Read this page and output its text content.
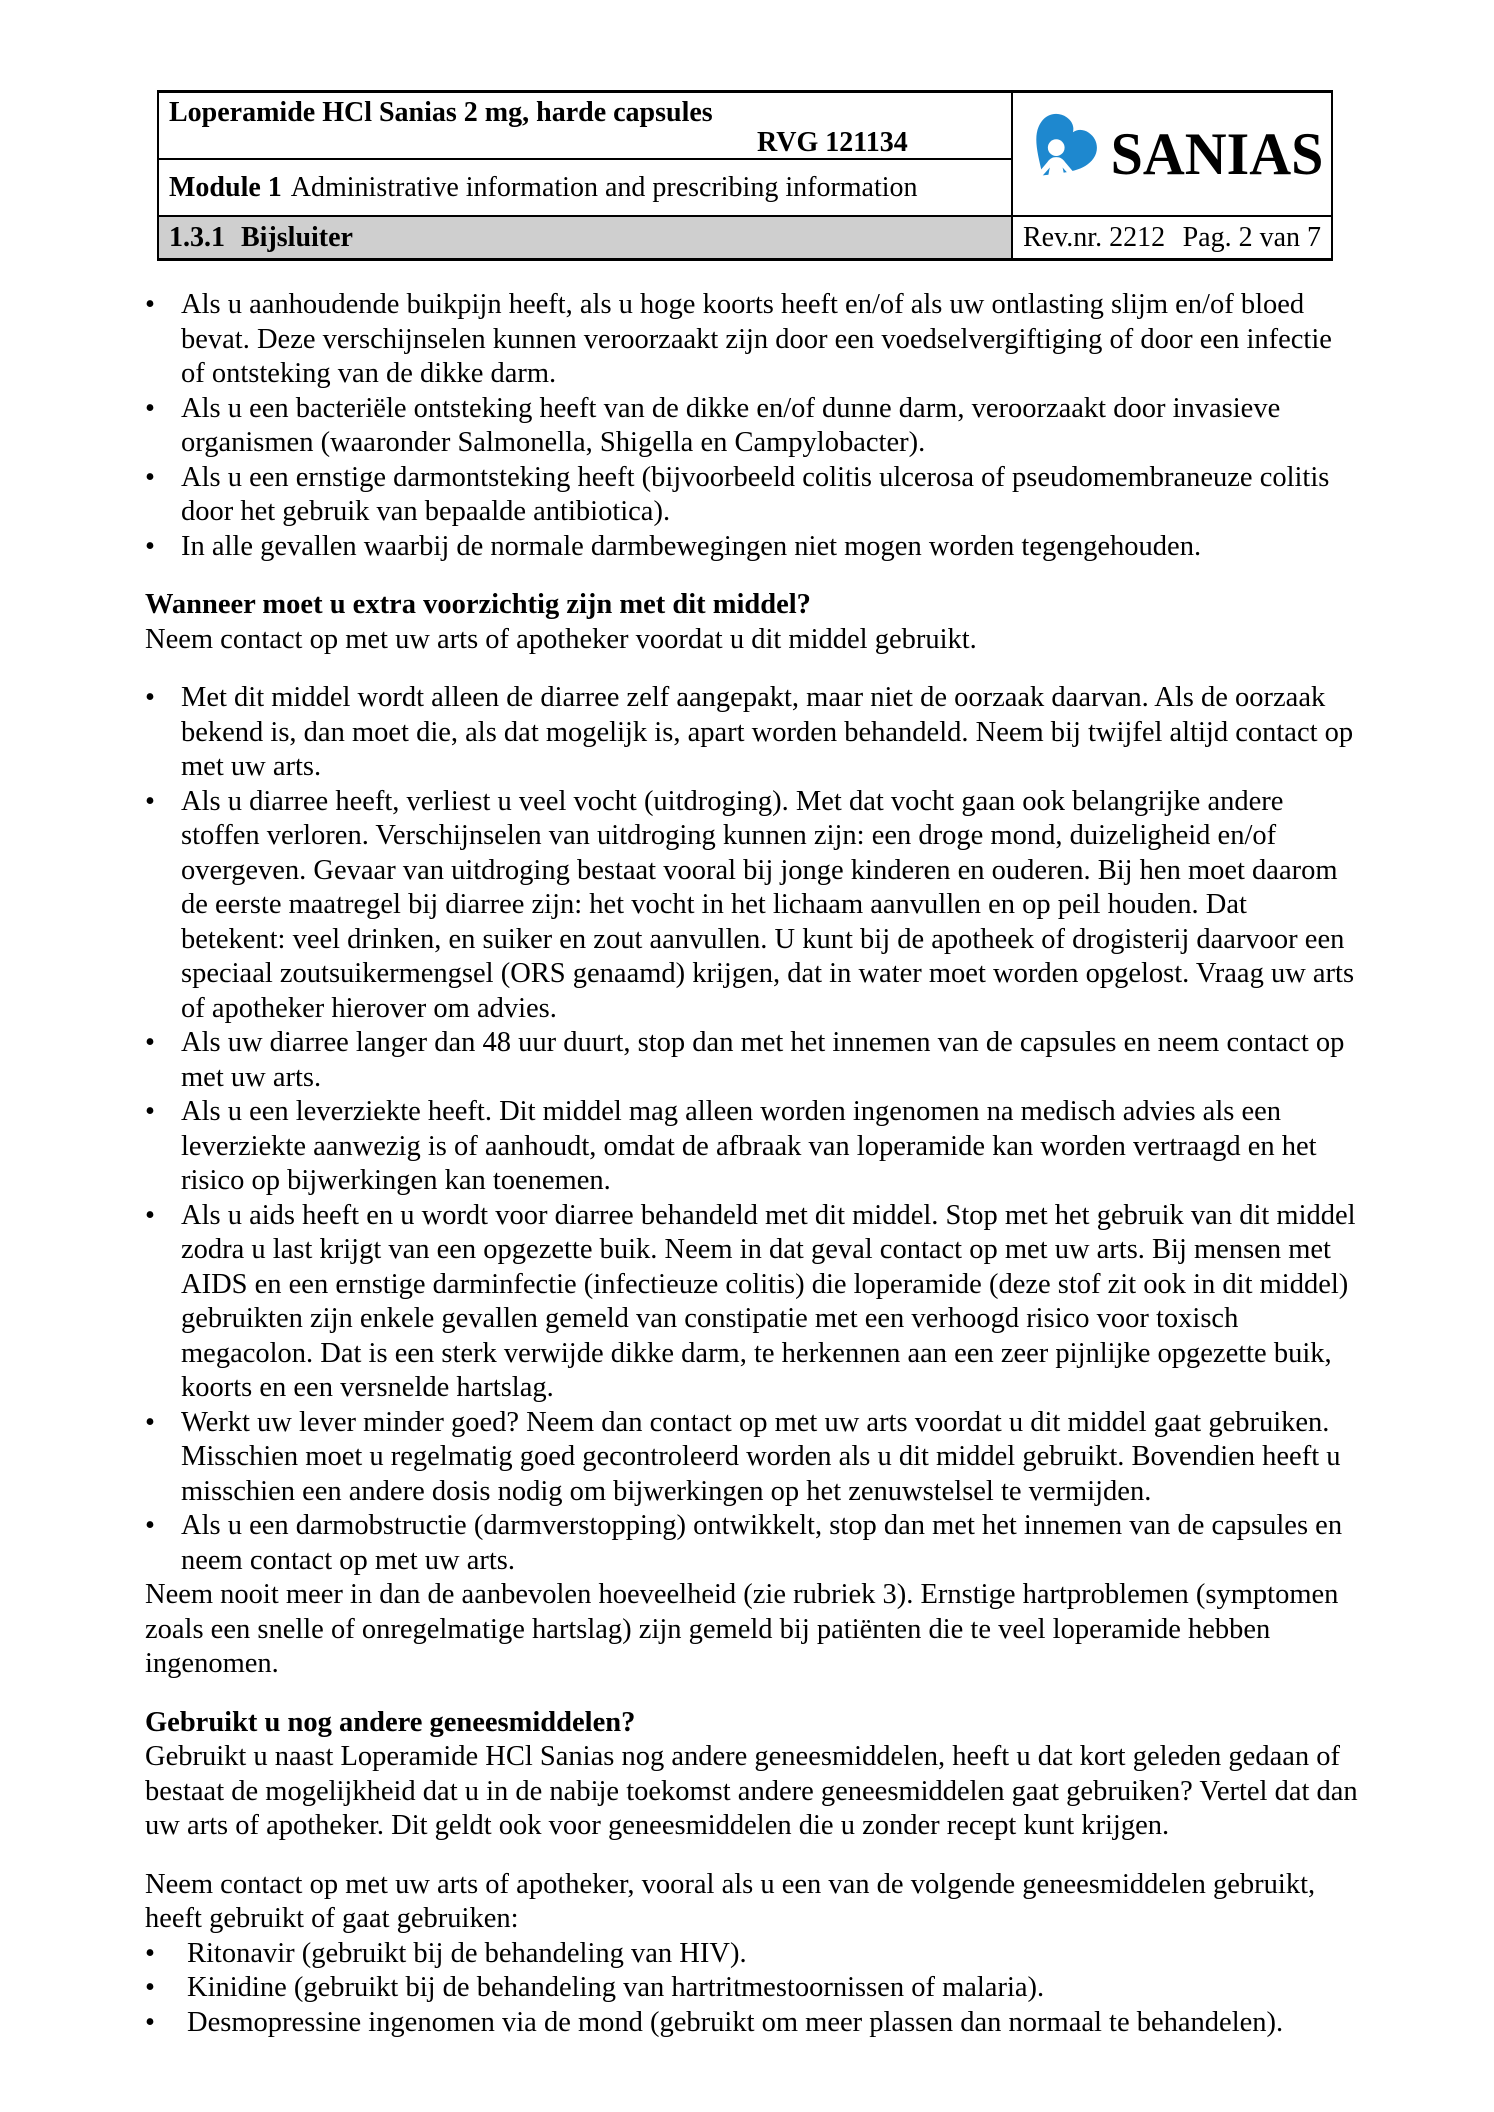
Loperamide HCl Sanias 2 mg, harde capsules
RVG 121134	SANIAS
Module 1 Administrative information and prescribing information
1.3.1 Bijsluiter	Rev.nr. 2212 Pag. 2 van 7
• Als u aanhoudende buikpijn heeft, als u hoge koorts heeft en/of als uw ontlasting slijm en/of bloed bevat. Deze verschijnselen kunnen veroorzaakt zijn door een voedselvergiftiging of door een infectie of ontsteking van de dikke darm.
• Als u een bacteriële ontsteking heeft van de dikke en/of dunne darm, veroorzaakt door invasieve organismen (waaronder Salmonella, Shigella en Campylobacter).
• Als u een ernstige darmontsteking heeft (bijvoorbeeld colitis ulcerosa of pseudomembraneuze colitis door het gebruik van bepaalde antibiotica).
• In alle gevallen waarbij de normale darmbewegingen niet mogen worden tegengehouden.
Wanneer moet u extra voorzichtig zijn met dit middel?
Neem contact op met uw arts of apotheker voordat u dit middel gebruikt.
• Met dit middel wordt alleen de diarree zelf aangepakt, maar niet de oorzaak daarvan. Als de oorzaak bekend is, dan moet die, als dat mogelijk is, apart worden behandeld. Neem bij twijfel altijd contact op met uw arts.
• Als u diarree heeft, verliest u veel vocht (uitdroging). Met dat vocht gaan ook belangrijke andere stoffen verloren. Verschijnselen van uitdroging kunnen zijn: een droge mond, duizeligheid en/of overgeven. Gevaar van uitdroging bestaat vooral bij jonge kinderen en ouderen. Bij hen moet daarom de eerste maatregel bij diarree zijn: het vocht in het lichaam aanvullen en op peil houden. Dat betekent: veel drinken, en suiker en zout aanvullen. U kunt bij de apotheek of drogisterij daarvoor een speciaal zoutsuikermengsel (ORS genaamd) krijgen, dat in water moet worden opgelost. Vraag uw arts of apotheker hierover om advies.
• Als uw diarree langer dan 48 uur duurt, stop dan met het innemen van de capsules en neem contact op met uw arts.
• Als u een leverziekte heeft. Dit middel mag alleen worden ingenomen na medisch advies als een leverziekte aanwezig is of aanhoudt, omdat de afbraak van loperamide kan worden vertraagd en het risico op bijwerkingen kan toenemen.
• Als u aids heeft en u wordt voor diarree behandeld met dit middel. Stop met het gebruik van dit middel zodra u last krijgt van een opgezette buik. Neem in dat geval contact op met uw arts. Bij mensen met AIDS en een ernstige darminfectie (infectieuze colitis) die loperamide (deze stof zit ook in dit middel) gebruikten zijn enkele gevallen gemeld van constipatie met een verhoogd risico voor toxisch megacolon. Dat is een sterk verwijde dikke darm, te herkennen aan een zeer pijnlijke opgezette buik, koorts en een versnelde hartslag.
• Werkt uw lever minder goed? Neem dan contact op met uw arts voordat u dit middel gaat gebruiken. Misschien moet u regelmatig goed gecontroleerd worden als u dit middel gebruikt. Bovendien heeft u misschien een andere dosis nodig om bijwerkingen op het zenuwstelsel te vermijden.
• Als u een darmobstructie (darmverstopping) ontwikkelt, stop dan met het innemen van de capsules en neem contact op met uw arts.
Neem nooit meer in dan de aanbevolen hoeveelheid (zie rubriek 3). Ernstige hartproblemen (symptomen zoals een snelle of onregelmatige hartslag) zijn gemeld bij patiënten die te veel loperamide hebben ingenomen.
Gebruikt u nog andere geneesmiddelen?
Gebruikt u naast Loperamide HCl Sanias nog andere geneesmiddelen, heeft u dat kort geleden gedaan of bestaat de mogelijkheid dat u in de nabije toekomst andere geneesmiddelen gaat gebruiken? Vertel dat dan uw arts of apotheker. Dit geldt ook voor geneesmiddelen die u zonder recept kunt krijgen.
Neem contact op met uw arts of apotheker, vooral als u een van de volgende geneesmiddelen gebruikt, heeft gebruikt of gaat gebruiken:
•	Ritonavir (gebruikt bij de behandeling van HIV).
•	Kinidine (gebruikt bij de behandeling van hartritmestoornissen of malaria).
•	Desmopressine ingenomen via de mond (gebruikt om meer plassen dan normaal te behandelen).
